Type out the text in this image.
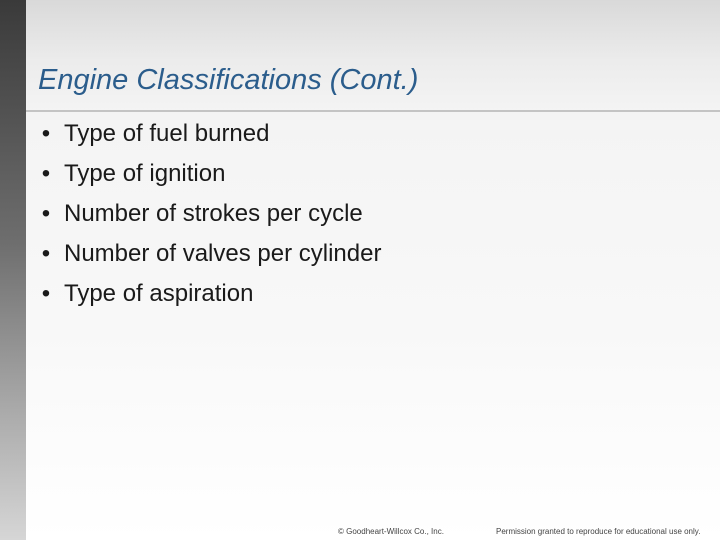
Engine Classifications (Cont.)
• Type of fuel burned
• Type of ignition
• Number of strokes per cycle
• Number of valves per cylinder
• Type of aspiration
© Goodheart-Willcox Co., Inc.	Permission granted to reproduce for educational use only.
